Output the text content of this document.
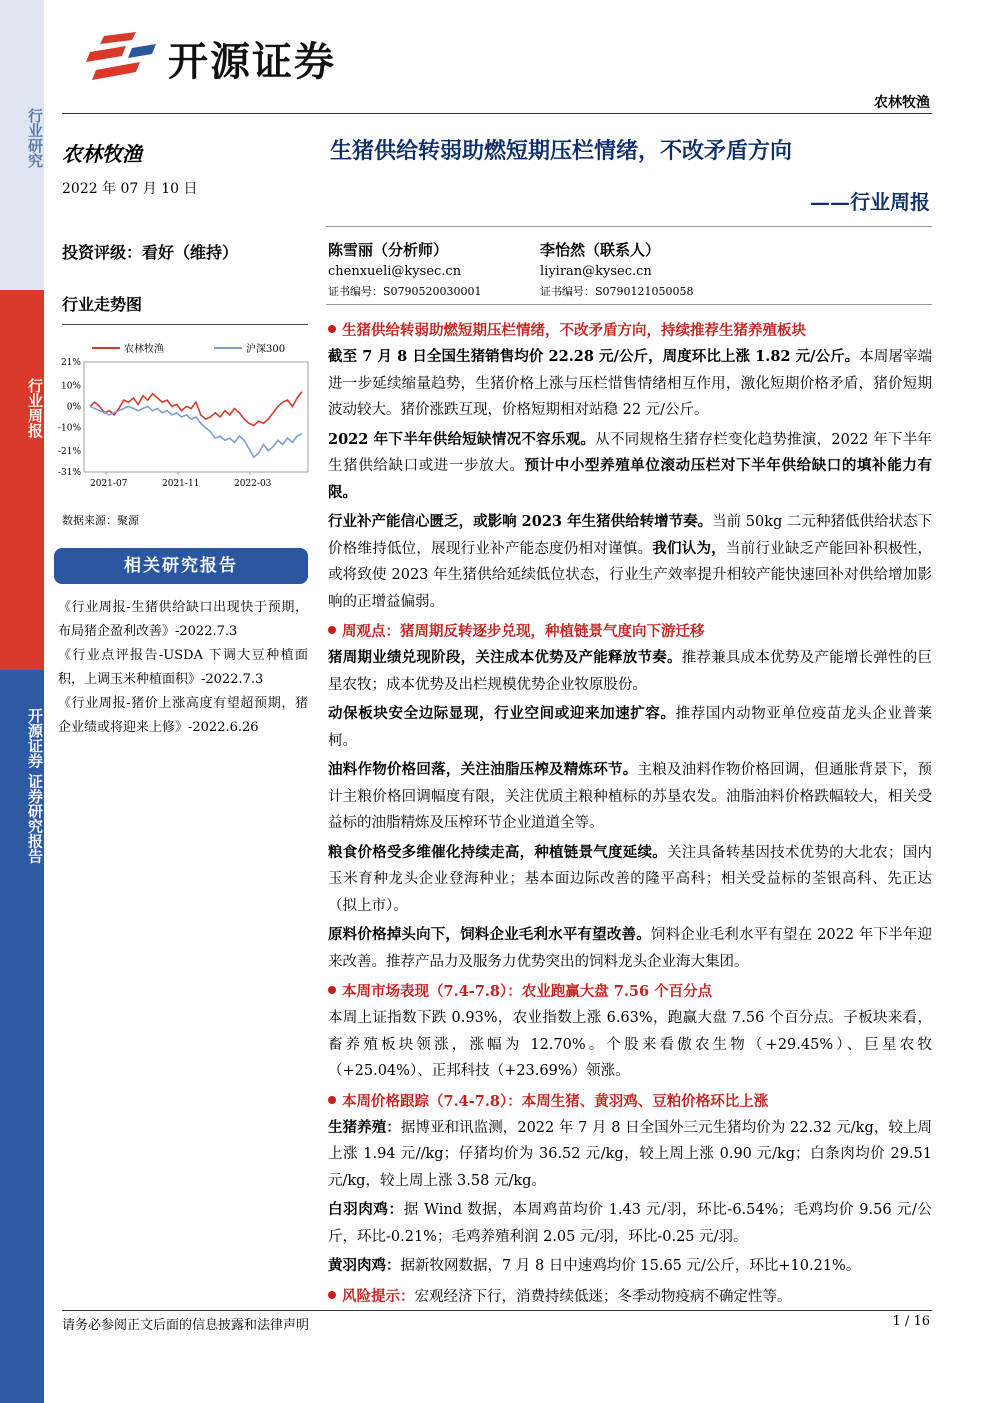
行业研究
行业周报
开源证券 证券研究报告
开源证券
农林牧渔
农林牧渔
2022 年 07 月 10 日
投资评级：看好（维持）
行业走势图
21%
10%
0%
-10%
-21%
-31%
2021-07	2021-11	2022-03
农林牧渔	沪深300
数据来源：聚源
相关研究报告
《行业周报-生猪供给缺口出现快于预期，布局猪企盈利改善》-2022.7.3
《行业点评报告-USDA 下调大豆种植面积，上调玉米种植面积》-2022.7.3
《行业周报-猪价上涨高度有望超预期，猪企业绩或将迎来上修》-2022.6.26
生猪供给转弱助燃短期压栏情绪，不改矛盾方向
——行业周报
陈雪丽（分析师）
chenxueli@kysec.cn
证书编号：S0790520030001
李怡然（联系人）
liyiran@kysec.cn
证书编号：S0790121050058
生猪供给转弱助燃短期压栏情绪，不改矛盾方向，持续推荐生猪养殖板块

截至 7 月 8 日全国生猪销售均价 22.28 元/公斤，周度环比上涨 1.82 元/公斤。本周屠宰端进一步延续缩量趋势，生猪价格上涨与压栏惜售情绪相互作用，激化短期价格矛盾，猪价短期波动较大。猪价涨跌互现，价格短期相对站稳 22 元/公斤。

2022 年下半年供给短缺情况不容乐观。从不同规格生猪存栏变化趋势推演，2022 年下半年生猪供给缺口或进一步放大。预计中小型养殖单位滚动压栏对下半年供给缺口的填补能力有限。

行业补产能信心匮乏，或影响 2023 年生猪供给转增节奏。当前 50kg 二元种猪低供给状态下价格维持低位，展现行业补产能态度仍相对谨慎。我们认为，当前行业缺乏产能回补积极性，或将致使 2023 年生猪供给延续低位状态，行业生产效率提升相较产能快速回补对供给增加影响的正增益偏弱。

周观点：猪周期反转逐步兑现，种植链景气度向下游迁移

猪周期业绩兑现阶段，关注成本优势及产能释放节奏。推荐兼具成本优势及产能增长弹性的巨星农牧；成本优势及出栏规模优势企业牧原股份。

动保板块安全边际显现，行业空间或迎来加速扩容。推荐国内动物亚单位疫苗龙头企业普莱柯。

油料作物价格回落，关注油脂压榨及精炼环节。主粮及油料作物价格回调，但通胀背景下，预计主粮价格回调幅度有限，关注优质主粮种植标的苏垦农发。油脂油料价格跌幅较大，相关受益标的油脂精炼及压榨环节企业道道全等。

粮食价格受多维催化持续走高，种植链景气度延续。关注具备转基因技术优势的大北农；国内玉米育种龙头企业登海种业；基本面边际改善的隆平高科；相关受益标的荃银高科、先正达（拟上市）。

原料价格掉头向下，饲料企业毛利水平有望改善。饲料企业毛利水平有望在 2022 年下半年迎来改善。推荐产品力及服务力优势突出的饲料龙头企业海大集团。

本周市场表现（7.4-7.8）：农业跑赢大盘 7.56 个百分点

本周上证指数下跌 0.93%，农业指数上涨 6.63%，跑赢大盘 7.56 个百分点。子板块来看，畜养殖板块领涨，涨幅为 12.70%。个股来看傲农生物（+29.45%）、巨星农牧（+25.04%）、正邦科技（+23.69%）领涨。

本周价格跟踪（7.4-7.8）：本周生猪、黄羽鸡、豆粕价格环比上涨

生猪养殖：据博亚和讯监测，2022 年 7 月 8 日全国外三元生猪均价为 22.32 元/kg，较上周上涨 1.94 元//kg；仔猪均价为 36.52 元/kg，较上周上涨 0.90 元/kg；白条肉均价 29.51 元/kg，较上周上涨 3.58 元/kg。

白羽肉鸡：据 Wind 数据，本周鸡苗均价 1.43 元/羽，环比-6.54%；毛鸡均价 9.56 元/公斤，环比-0.21%；毛鸡养殖利润 2.05 元/羽，环比-0.25 元/羽。

黄羽肉鸡：据新牧网数据，7 月 8 日中速鸡均价 15.65 元/公斤，环比+10.21%。

风险提示：宏观经济下行，消费持续低迷；冬季动物疫病不确定性等。
请务必参阅正文后面的信息披露和法律声明	1 / 16
